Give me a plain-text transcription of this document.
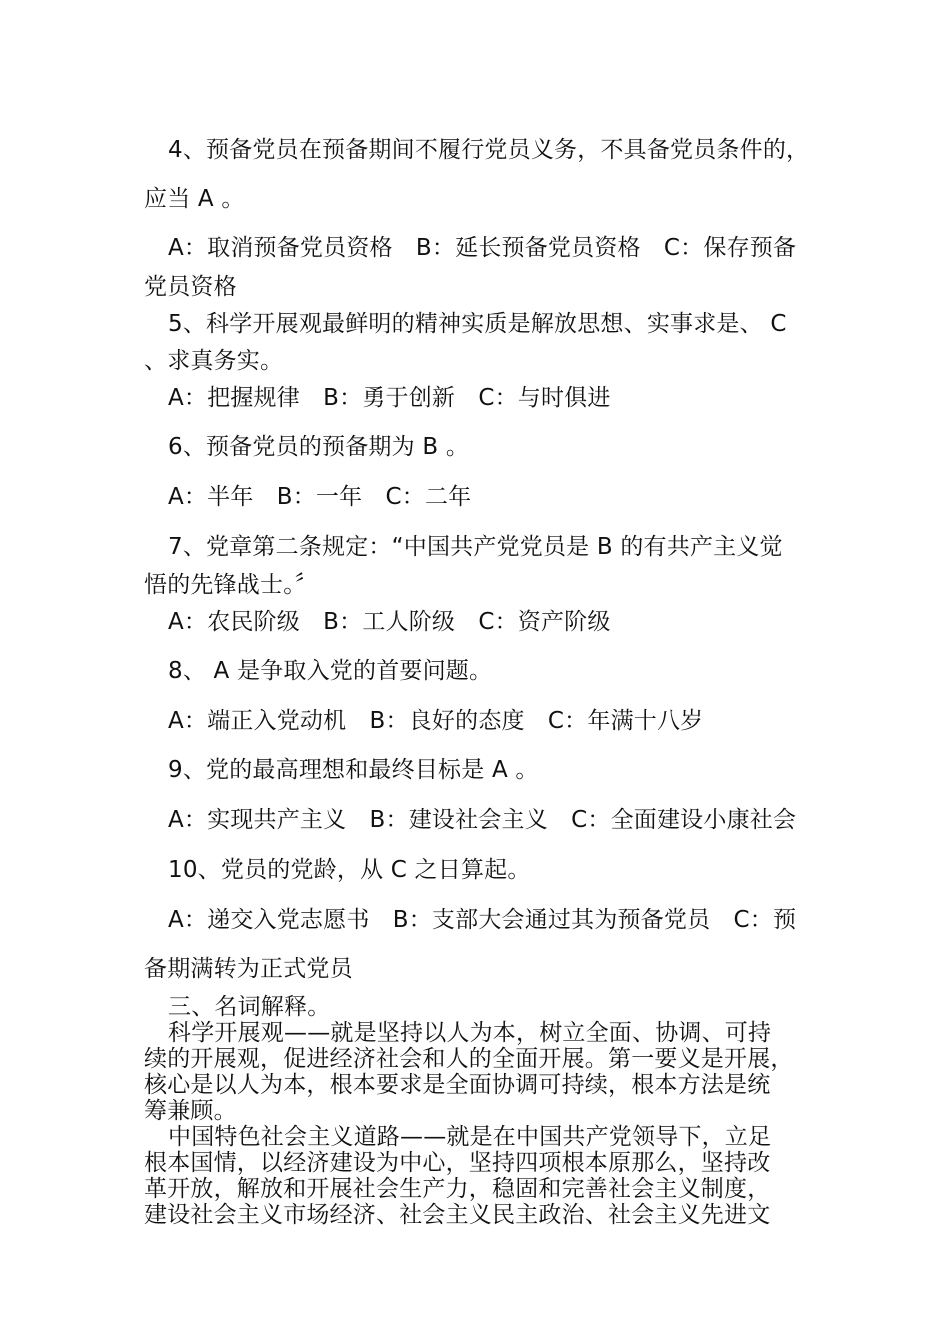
4、预备党员在预备期间不履行党员义务，不具备党员条件的，
应当 A 。
A：取消预备党员资格　B：延长预备党员资格　C：保存预备
党员资格
5、科学开展观最鲜明的精神实质是解放思想、实事求是、 C
、求真务实。
A：把握规律　B：勇于创新　C：与时俱进
6、预备党员的预备期为 B 。
A：半年　B：一年　C：二年
7、党章第二条规定：“中国共产党党员是 B 的有共产主义觉
悟的先锋战士。〞
A：农民阶级　B：工人阶级　C：资产阶级
8、 A 是争取入党的首要问题。
A：端正入党动机　B：良好的态度　C：年满十八岁
9、党的最高理想和最终目标是 A 。
A：实现共产主义　B：建设社会主义　C：全面建设小康社会
10、党员的党龄，从 C 之日算起。
A：递交入党志愿书　B：支部大会通过其为预备党员　C：预
备期满转为正式党员
三、名词解释。
科学开展观——就是坚持以人为本，树立全面、协调、可持
续的开展观，促进经济社会和人的全面开展。第一要义是开展，
核心是以人为本，根本要求是全面协调可持续，根本方法是统
筹兼顾。
中国特色社会主义道路——就是在中国共产党领导下，立足
根本国情，以经济建设为中心，坚持四项根本原那么，坚持改
革开放，解放和开展社会生产力，稳固和完善社会主义制度，
建设社会主义市场经济、社会主义民主政治、社会主义先进文
